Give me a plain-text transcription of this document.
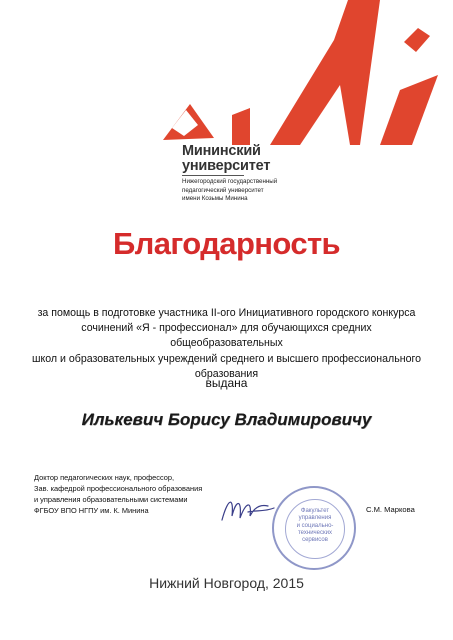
Мининский
университет
Нижегородский государственный
педагогический университет
имени Козьмы Минина
Благодарность
за помощь в подготовке участника II-ого Инициативного городского конкурса
сочинений «Я - профессионал» для обучающихся средних общеобразовательных
школ и образовательных учреждений среднего и высшего профессионального
образования
выдана
Илькевич Борису Владимировичу
Доктор педагогических наук, профессор,
Зав. кафедрой профессионального образования
и управления образовательными системами
ФГБОУ ВПО НГПУ им. К. Минина	Факультет
управления
и социально-
технических
сервисов
С.М. Маркова
Нижний Новгород, 2015
